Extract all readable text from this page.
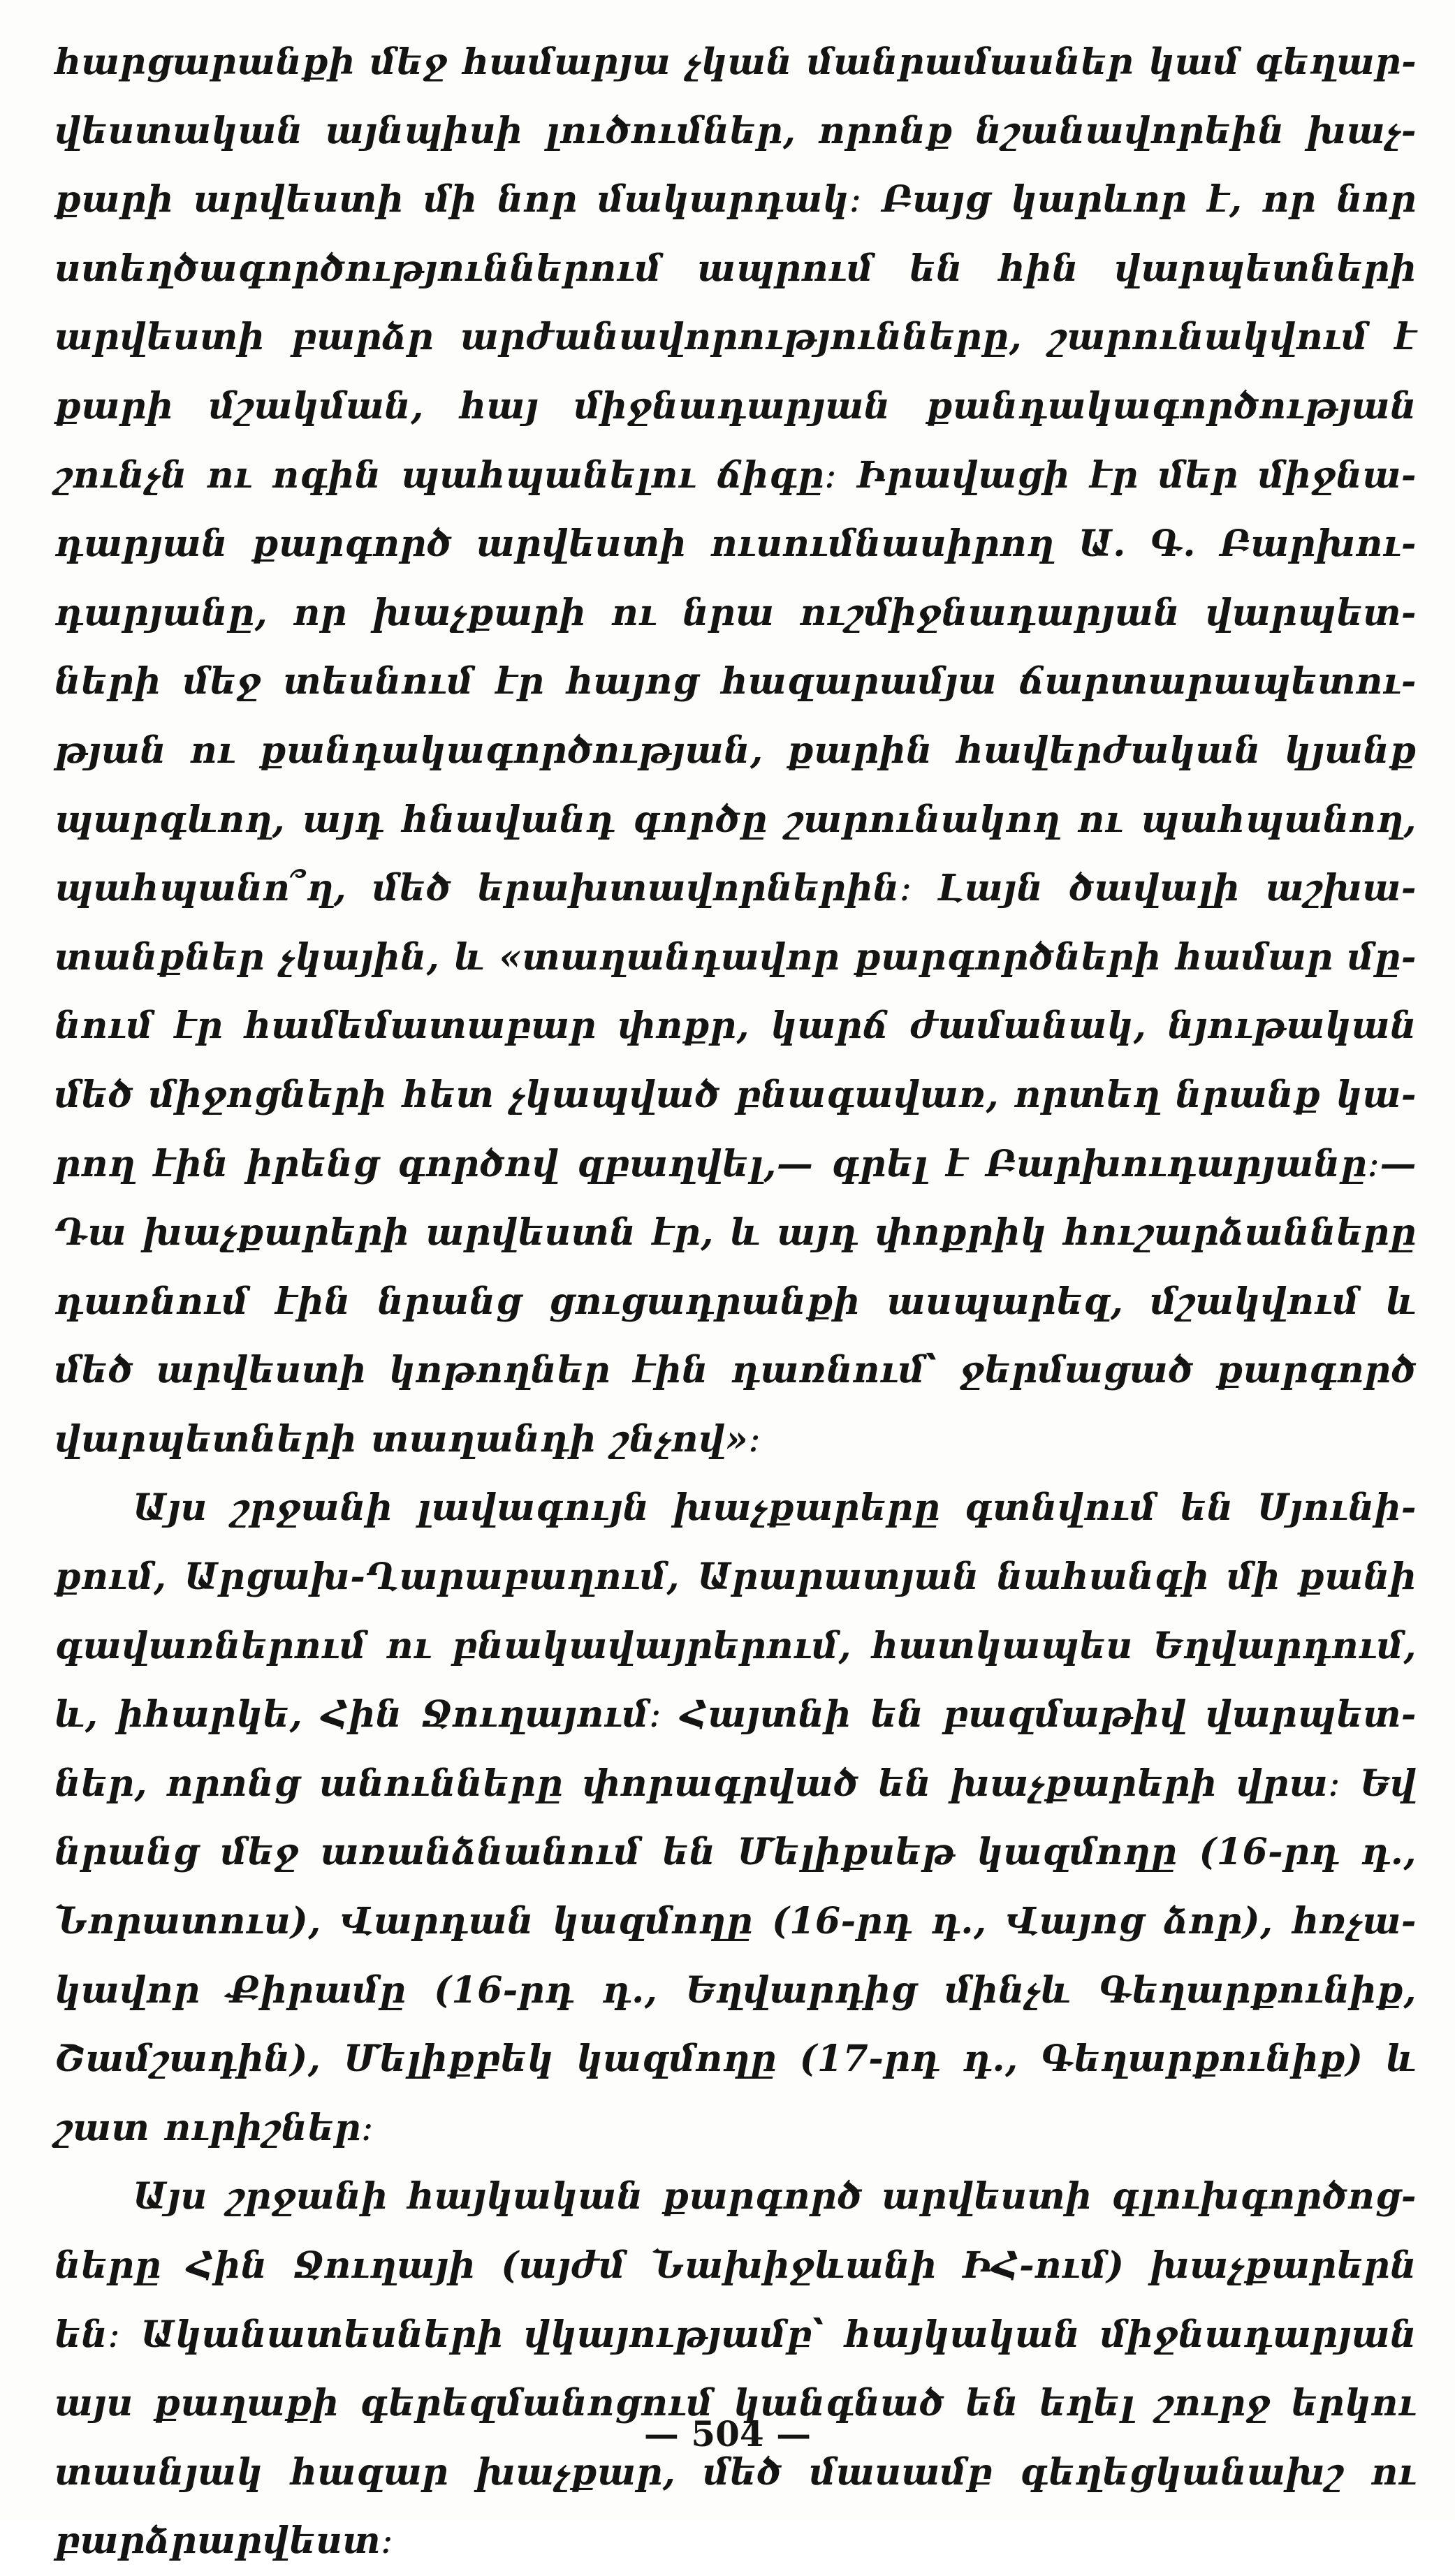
հարցարանքի մեջ համարյա չկան մանրամասներ կամ գեղար-
վեստական այնպիսի լուծումներ, որոնք նշանավորեին խաչ-
քարի արվեստի մի նոր մակարդակ։ Բայց կարևոր է, որ նոր
ստեղծագործություններում ապրում են հին վարպետների
արվեստի բարձր արժանավորությունները, շարունակվում է
քարի մշակման, հայ միջնադարյան քանդակագործության
շունչն ու ոգին պահպանելու ճիգը։ Իրավացի էր մեր միջնա-
դարյան քարգործ արվեստի ուսումնասիրող Ա. Գ. Բարխու-
դարյանը, որ խաչքարի ու նրա ուշմիջնադարյան վարպետ-
ների մեջ տեսնում էր հայոց հազարամյա ճարտարապետու-
թյան ու քանդակագործության, քարին հավերժական կյանք
պարգևող, այդ հնավանդ գործը շարունակող ու պահպանող,
պահպանո՞ղ, մեծ երախտավորներին։ Լայն ծավալի աշխա-
տանքներ չկային, և «տաղանդավոր քարգործների համար մը-
նում էր համեմատաբար փոքր, կարճ ժամանակ, նյութական
մեծ միջոցների հետ չկապված բնագավառ, որտեղ նրանք կա-
րող էին իրենց գործով զբաղվել,— գրել է Բարխուդարյանը։—
Դա խաչքարերի արվեստն էր, և այդ փոքրիկ հուշարձանները
դառնում էին նրանց ցուցադրանքի ասպարեզ, մշակվում և
մեծ արվեստի կոթողներ էին դառնում՝ ջերմացած քարգործ
վարպետների տաղանդի շնչով»։

Այս շրջանի լավագույն խաչքարերը գտնվում են Սյունի-
քում, Արցախ-Ղարաբաղում, Արարատյան նահանգի մի քանի
գավառներում ու բնակավայրերում, հատկապես Եղվարդում,
և, իհարկե, Հին Ջուղայում։ Հայտնի են բազմաթիվ վարպետ-
ներ, որոնց անունները փորագրված են խաչքարերի վրա։ Եվ
նրանց մեջ առանձնանում են Մելիքսեթ կազմողը (16-րդ դ.,
Նորատուս), Վարդան կազմողը (16-րդ դ., Վայոց ձոր), հռչա-
կավոր Քիրամը (16-րդ դ., Եղվարդից մինչև Գեղարքունիք,
Շամշադին), Մելիքբեկ կազմողը (17-րդ դ., Գեղարքունիք) և
շատ ուրիշներ։

Այս շրջանի հայկական քարգործ արվեստի գլուխգործոց-
ները Հին Ջուղայի (այժմ Նախիջևանի ԻՀ-ում) խաչքարերն
են։ Ականատեսների վկայությամբ՝ հայկական միջնադարյան
այս քաղաքի գերեզմանոցում կանգնած են եղել շուրջ երկու
տասնյակ հազար խաչքար, մեծ մասամբ գեղեցկանախշ ու
բարձրարվեստ։

— 504 —
